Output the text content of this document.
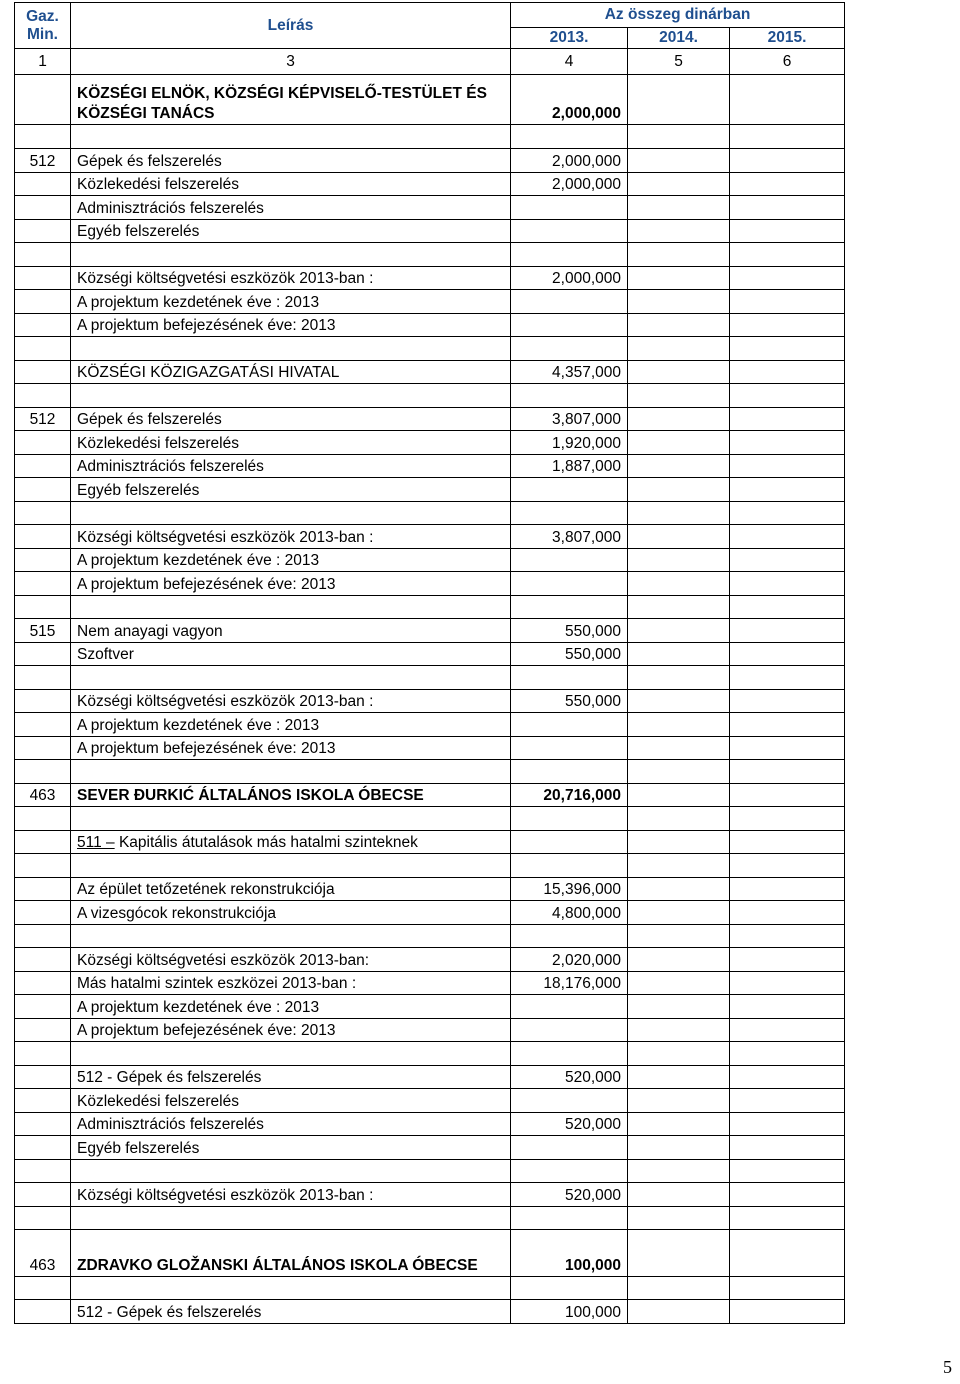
Gaz. Min.	Leírás	Az összeg dinárban		
		2013.	2014.	2015.
1	3	4	5	6
	KÖZSÉGI ELNÖK, KÖZSÉGI KÉPVISELŐ-TESTÜLET ÉS KÖZSÉGI TANÁCS	2,000,000		

512	Gépek és felszerelés	2,000,000		
	Közlekedési felszerelés	2,000,000		
	Adminisztrációs felszerelés			
	Egyéb felszerelés			

	Községi költségvetési eszközök 2013-ban :	2,000,000		
	A projektum kezdetének éve : 2013			
	A projektum befejezésének éve: 2013			

	KÖZSÉGI KÖZIGAZGATÁSI HIVATAL	4,357,000		

512	Gépek és felszerelés	3,807,000		
	Közlekedési felszerelés	1,920,000		
	Adminisztrációs felszerelés	1,887,000		
	Egyéb felszerelés			

	Községi költségvetési eszközök 2013-ban :	3,807,000		
	A projektum kezdetének éve : 2013			
	A projektum befejezésének éve: 2013			

515	Nem anayagi vagyon	550,000		
	Szoftver	550,000		

	Községi költségvetési eszközök 2013-ban :	550,000		
	A projektum kezdetének éve : 2013			
	A projektum befejezésének éve: 2013			

463	SEVER ĐURKIĆ ÁLTALÁNOS ISKOLA ÓBECSE	20,716,000		

	511 – Kapitális átutalások más hatalmi szinteknek			

	Az épület tetőzetének rekonstrukciója	15,396,000		
	A vizesgócok rekonstrukciója	4,800,000		

	Községi költségvetési eszközök 2013-ban:	2,020,000		
	Más hatalmi szintek eszközei 2013-ban :	18,176,000		
	A projektum kezdetének éve : 2013			
	A projektum befejezésének éve: 2013			

	512 - Gépek és felszerelés	520,000		
	Közlekedési felszerelés			
	Adminisztrációs felszerelés	520,000		
	Egyéb felszerelés			

	Községi költségvetési eszközök 2013-ban :	520,000		

463	ZDRAVKO GLOŽANSKI ÁLTALÁNOS ISKOLA ÓBECSE	100,000		

	512 - Gépek és felszerelés	100,000		
5
